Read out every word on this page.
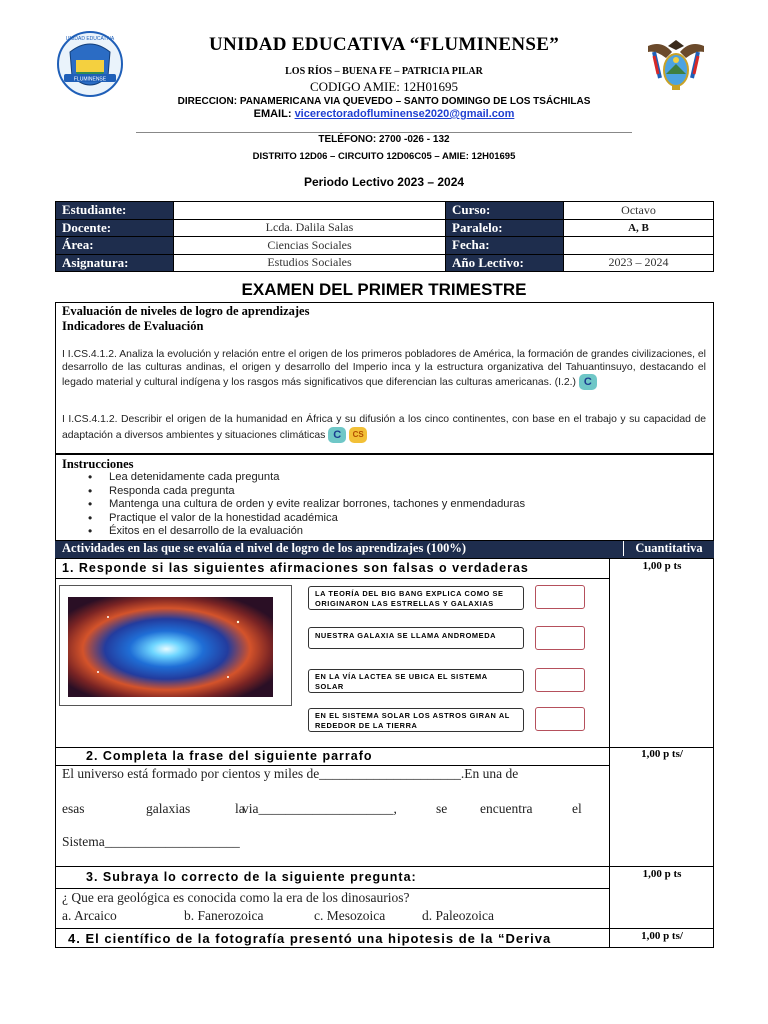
FLUMINENSE
UNIDAD EDUCATIVA	UNIDAD EDUCATIVA “FLUMINENSE”
LOS RÍOS – BUENA FE – PATRICIA PILAR
CODIGO AMIE: 12H01695
DIRECCION: PANAMERICANA VIA QUEVEDO – SANTO DOMINGO DE LOS TSÁCHILAS
EMAIL: vicerectoradofluminense2020@gmail.com
TELÉFONO: 2700 -026 - 132
DISTRITO 12D06 – CIRCUITO 12D06C05 – AMIE: 12H01695
Periodo Lectivo 2023 – 2024
Estudiante:		Curso:	Octavo
Docente:	Lcda. Dalila Salas	Paralelo:	A, B
Área:	Ciencias Sociales	Fecha:	
Asignatura:	Estudios Sociales	Año Lectivo:	2023 – 2024
EXAMEN DEL PRIMER TRIMESTRE
Evaluación de niveles de logro de aprendizajes
Indicadores de Evaluación
I I.CS.4.1.2. Analiza la evolución y relación entre el origen de los primeros pobladores de América, la formación de grandes civilizaciones, el desarrollo de las culturas andinas, el origen y desarrollo del Imperio inca y la estructura organizativa del Tahuantinsuyo, destacando el legado material y cultural indígena y los rasgos más significativos que diferencian las culturas americanas. (I.2.) C
I I.CS.4.1.2. Describir el origen de la humanidad en África y su difusión a los cinco continentes, con base en el trabajo y su capacidad de adaptación a diversos ambientes y situaciones climáticas C CS
Instrucciones
• Lea detenidamente cada pregunta
• Responda cada pregunta
• Mantenga una cultura de orden y evite realizar borrones, tachones y enmendaduras
• Practique el valor de la honestidad académica
• Éxitos en el desarrollo de la evaluación
Actividades en las que se evalúa el nivel de logro de los aprendizajes (100%)	Cuantitativa
1. Responde si las siguientes afirmaciones son falsas o verdaderas	1,00 p ts
LA TEORÍA DEL BIG BANG EXPLICA COMO SE ORIGINARON LAS ESTRELLAS Y GALAXIAS
NUESTRA GALAXIA SE LLAMA ANDROMEDA
EN LA VÍA LACTEA SE UBICA EL SISTEMA SOLAR
EN EL SISTEMA SOLAR LOS ASTROS GIRAN AL REDEDOR DE LA TIERRA
2. Completa la frase del siguiente parrafo	1,00 p ts/
El universo está formado por cientos y miles de_____________________.En una de
esas	galaxias	la
via____________________,	se encuentra	el
Sistema____________________
3. Subraya lo correcto de la siguiente pregunta:	1,00 p ts
¿ Que era geológica es conocida como la era de los dinosaurios?
a. Arcaico	b. Fanerozoica	c. Mesozoica	d. Paleozoica
4. El científico de la fotografía presentó una hipotesis de la “Deriva	1,00 p ts/
